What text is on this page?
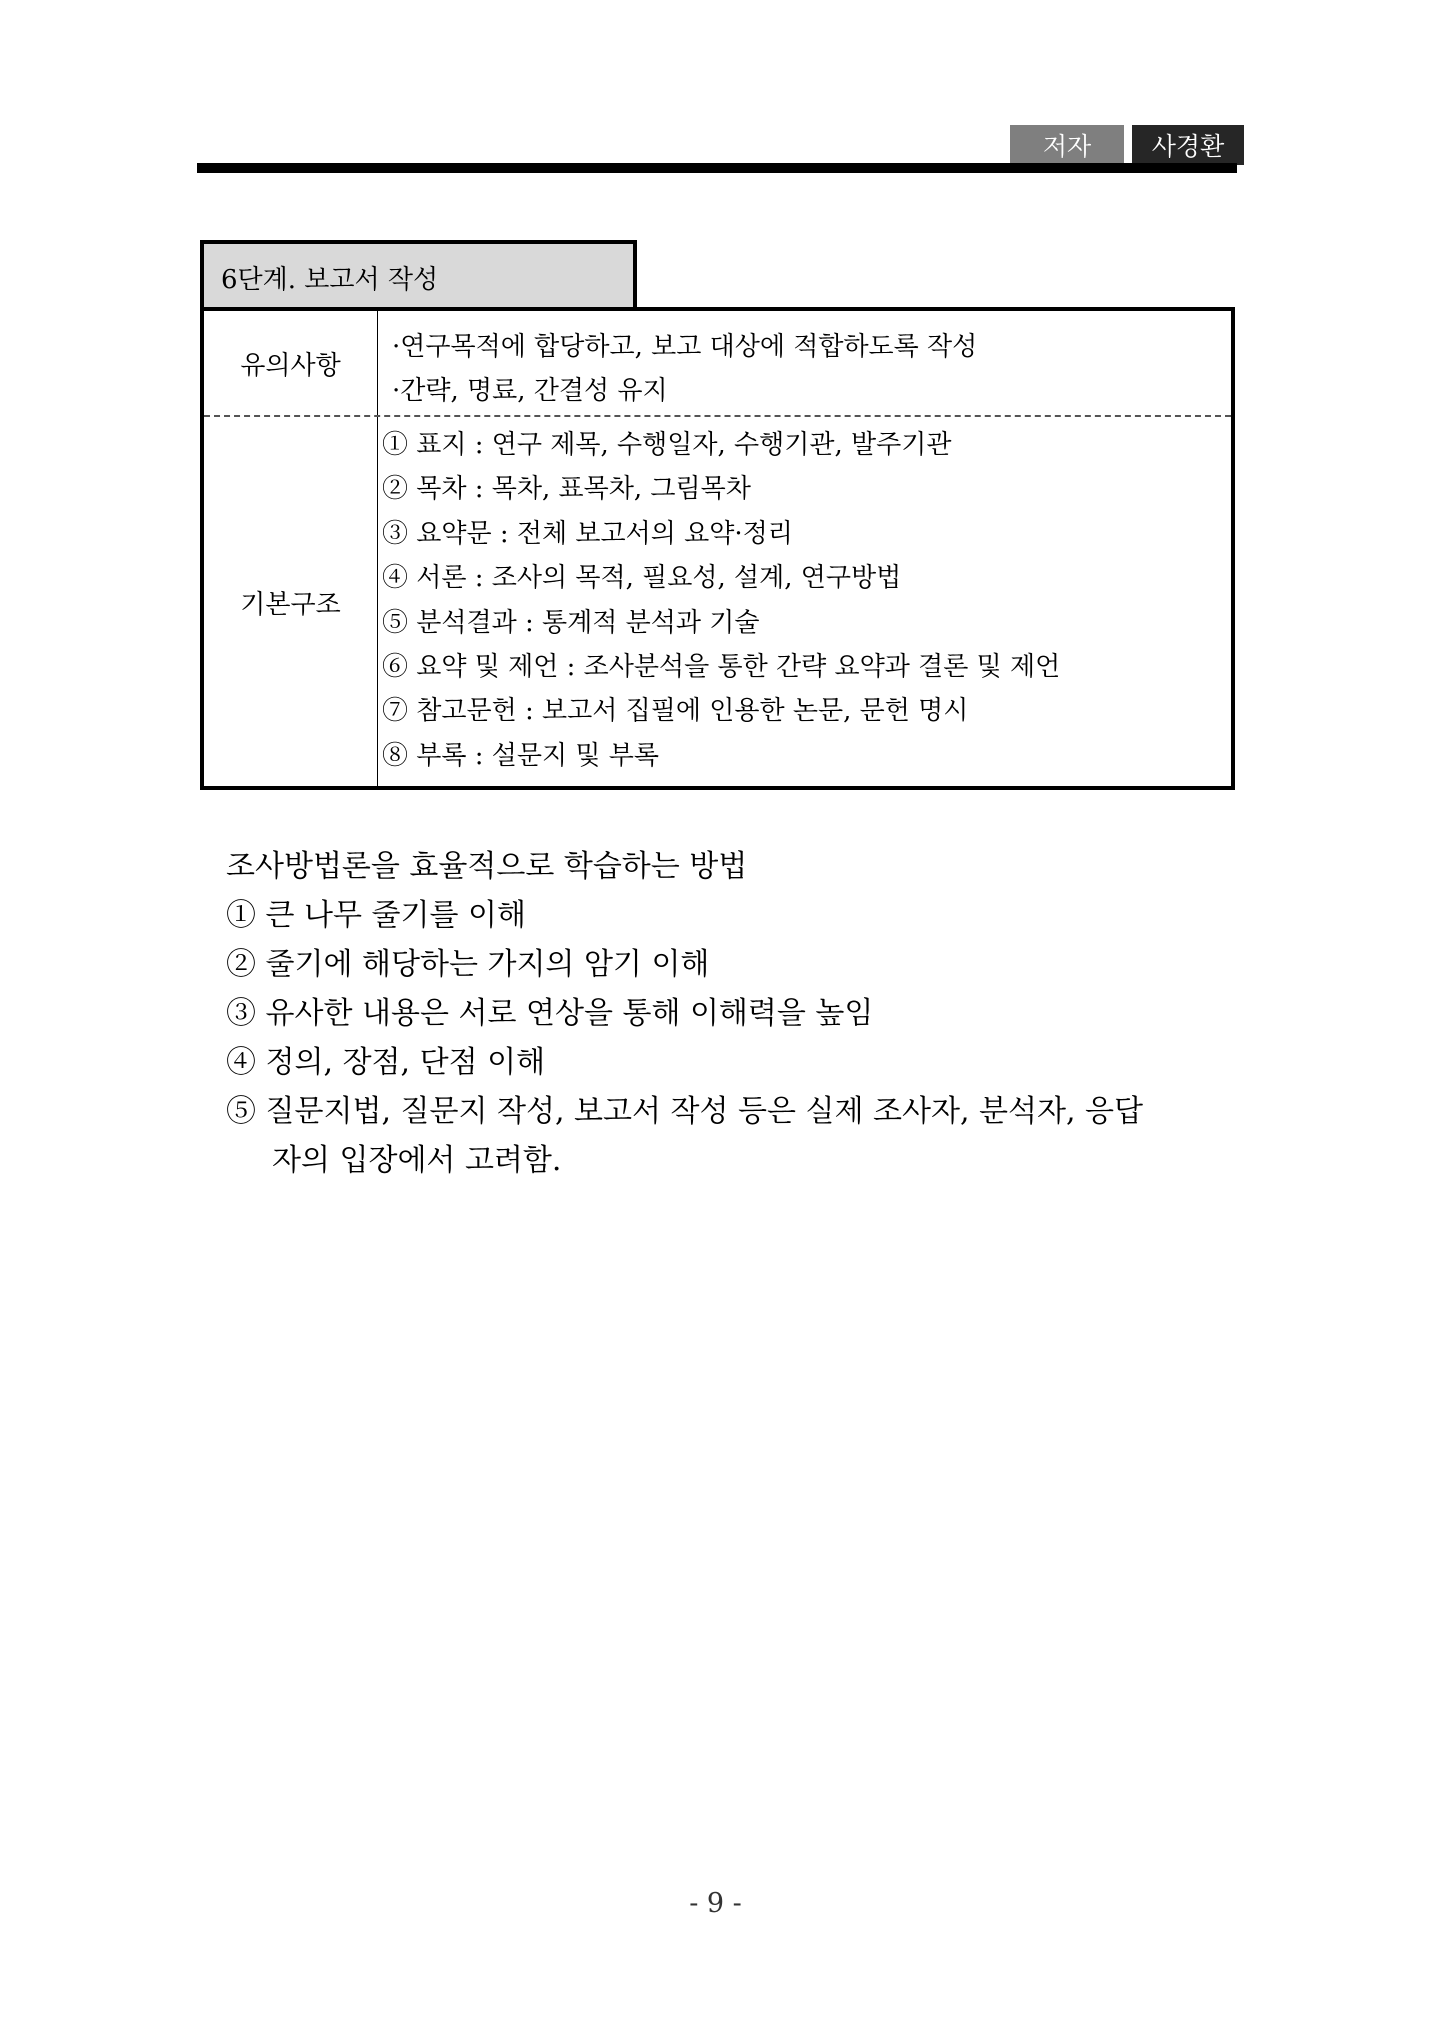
저자	사경환
6단계. 보고서 작성
유의사항
·연구목적에 합당하고, 보고 대상에 적합하도록 작성
·간략, 명료, 간결성 유지
기본구조
① 표지 : 연구 제목, 수행일자, 수행기관, 발주기관
② 목차 : 목차, 표목차, 그림목차
③ 요약문 : 전체 보고서의 요약·정리
④ 서론 : 조사의 목적, 필요성, 설계, 연구방법
⑤ 분석결과 : 통계적 분석과 기술
⑥ 요약 및 제언 : 조사분석을 통한 간략 요약과 결론 및 제언
⑦ 참고문헌 : 보고서 집필에 인용한 논문, 문헌 명시
⑧ 부록 : 설문지 및 부록
조사방법론을 효율적으로 학습하는 방법
① 큰 나무 줄기를 이해
② 줄기에 해당하는 가지의 암기 이해
③ 유사한 내용은 서로 연상을 통해 이해력을 높임
④ 정의, 장점, 단점 이해
⑤ 질문지법, 질문지 작성, 보고서 작성 등은 실제 조사자, 분석자, 응답
자의 입장에서 고려함.
- 9 -
